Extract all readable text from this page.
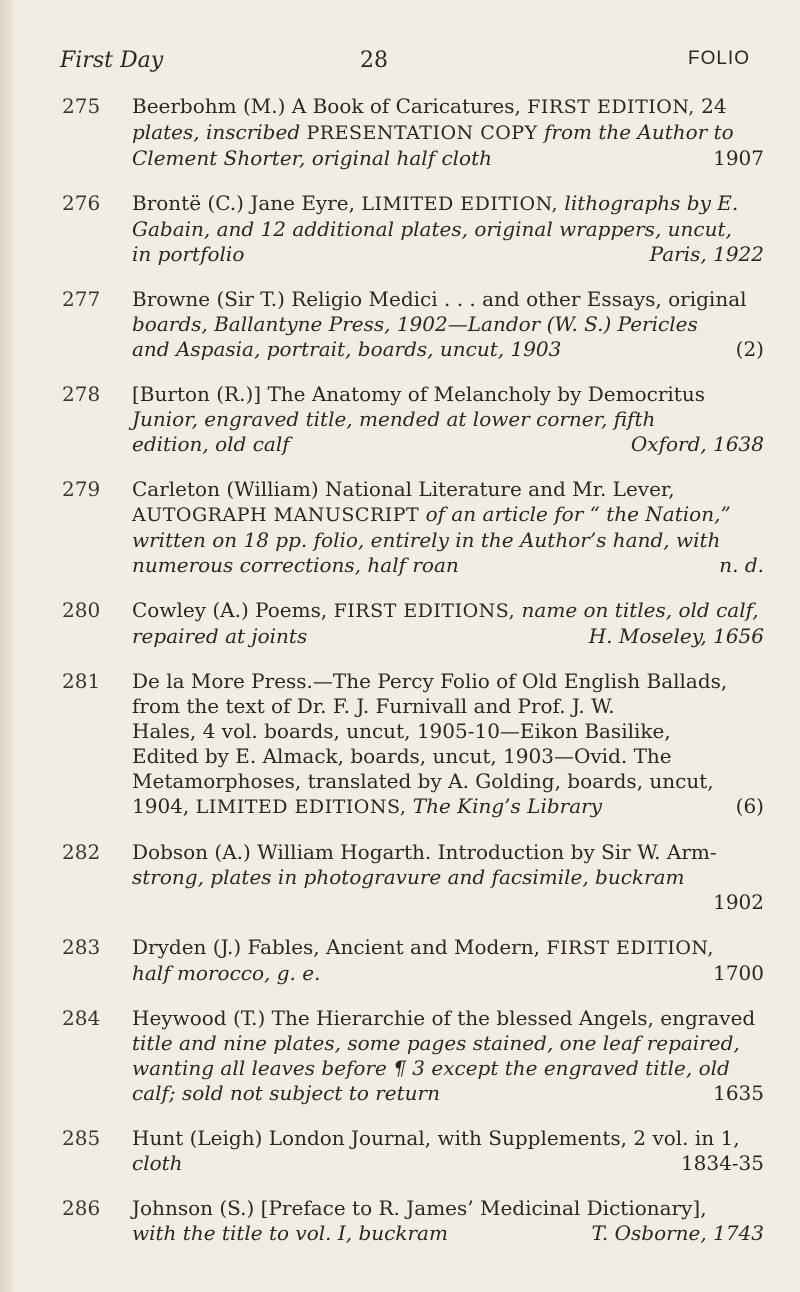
First Day	28	FOLIO
275 Beerbohm (M.) A Book of Caricatures, FIRST EDITION, 24
plates, inscribed PRESENTATION COPY from the Author to
Clement Shorter, original half cloth	1907
276 Brontë (C.) Jane Eyre, LIMITED EDITION, lithographs by E.
Gabain, and 12 additional plates, original wrappers, uncut,
in portfolio	Paris, 1922
277 Browne (Sir T.) Religio Medici . . . and other Essays, original
boards, Ballantyne Press, 1902—Landor (W. S.) Pericles
and Aspasia, portrait, boards, uncut, 1903	(2)
278 [Burton (R.)] The Anatomy of Melancholy by Democritus
Junior, engraved title, mended at lower corner, fifth
edition, old calf	Oxford, 1638
279 Carleton (William) National Literature and Mr. Lever,
AUTOGRAPH MANUSCRIPT of an article for “ the Nation,”
written on 18 pp. folio, entirely in the Author’s hand, with
numerous corrections, half roan	n. d.
280 Cowley (A.) Poems, FIRST EDITIONS, name on titles, old calf,
repaired at joints	H. Moseley, 1656
281 De la More Press.—The Percy Folio of Old English Ballads,
from the text of Dr. F. J. Furnivall and Prof. J. W.
Hales, 4 vol. boards, uncut, 1905-10—Eikon Basilike,
Edited by E. Almack, boards, uncut, 1903—Ovid. The
Metamorphoses, translated by A. Golding, boards, uncut,
1904, LIMITED EDITIONS, The King’s Library	(6)
282 Dobson (A.) William Hogarth. Introduction by Sir W. Arm-
strong, plates in photogravure and facsimile, buckram
1902
283 Dryden (J.) Fables, Ancient and Modern, FIRST EDITION,
half morocco, g. e.	1700
284 Heywood (T.) The Hierarchie of the blessed Angels, engraved
title and nine plates, some pages stained, one leaf repaired,
wanting all leaves before ¶ 3 except the engraved title, old
calf; sold not subject to return	1635
285 Hunt (Leigh) London Journal, with Supplements, 2 vol. in 1,
cloth	1834-35
286 Johnson (S.) [Preface to R. James’ Medicinal Dictionary],
with the title to vol. I, buckram	T. Osborne, 1743
